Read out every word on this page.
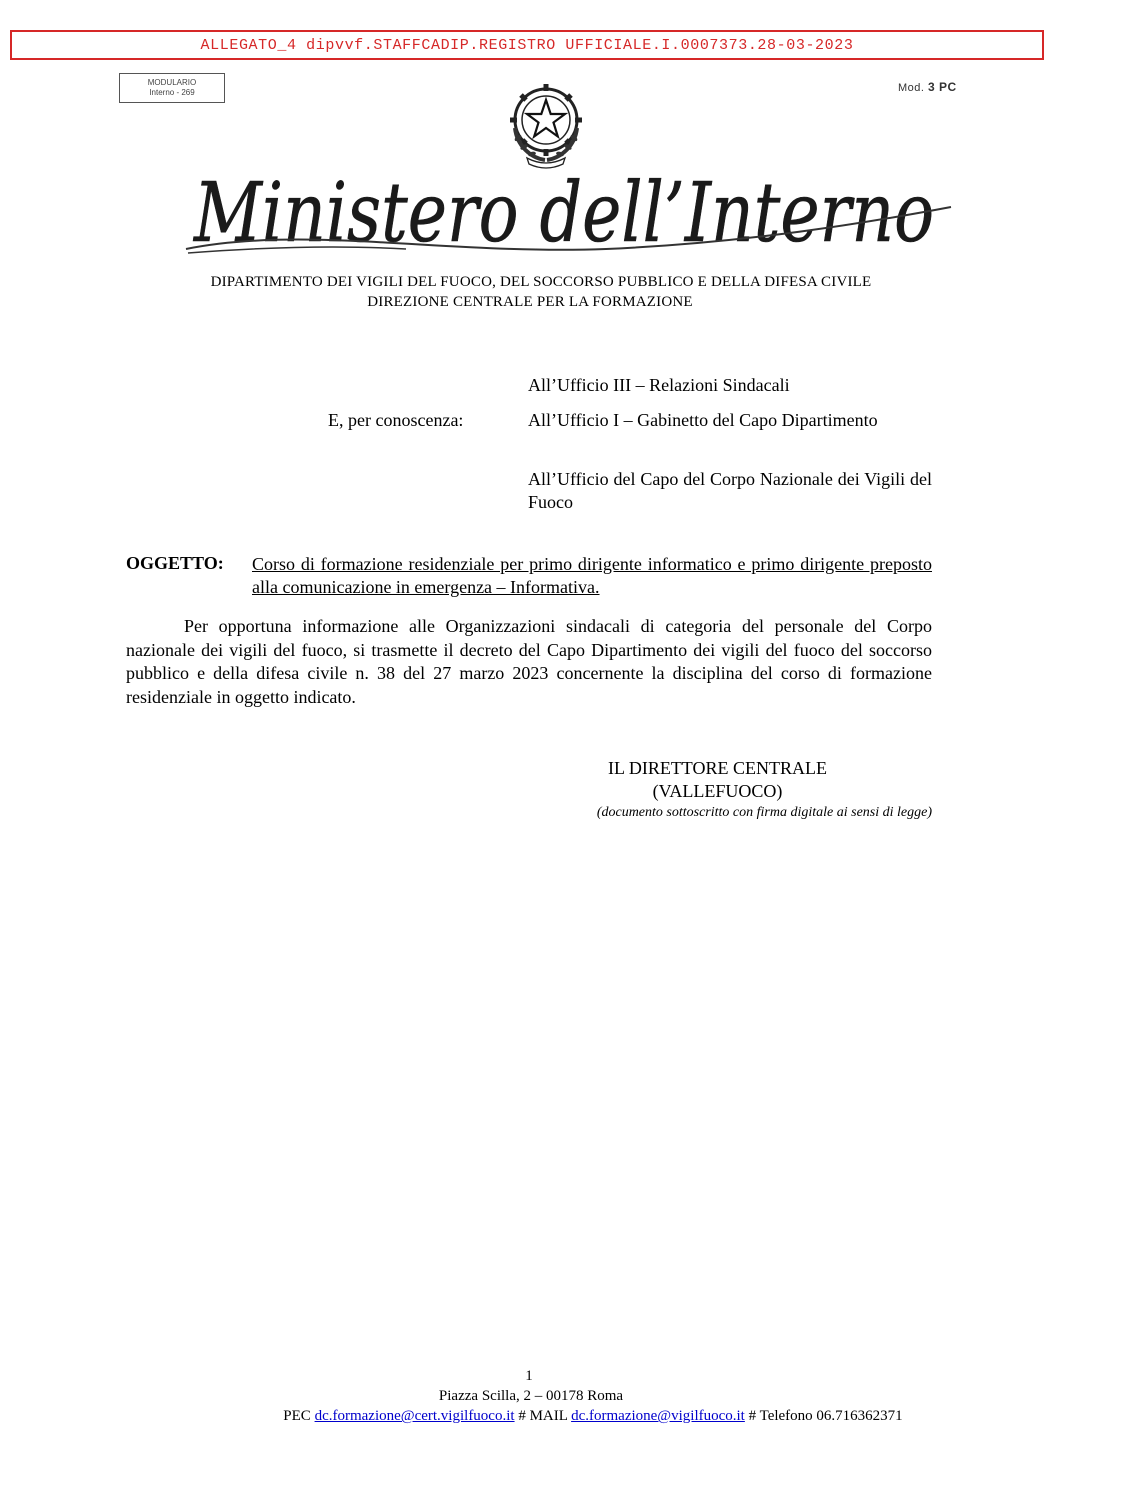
ALLEGATO_4 dipvvf.STAFFCADIP.REGISTRO UFFICIALE.I.0007373.28-03-2023
MODULARIO
Interno - 269	Mod. 3 PC
Ministero dell’Interno
DIPARTIMENTO DEI VIGILI DEL FUOCO, DEL SOCCORSO PUBBLICO E DELLA DIFESA CIVILE
DIREZIONE CENTRALE PER LA FORMAZIONE
All’Ufficio III – Relazioni Sindacali
E, per conoscenza:	All’Ufficio I – Gabinetto del Capo Dipartimento
All’Ufficio del Capo del Corpo Nazionale dei Vigili del Fuoco
OGGETTO: Corso di formazione residenziale per primo dirigente informatico e primo dirigente preposto alla comunicazione in emergenza – Informativa.
Per opportuna informazione alle Organizzazioni sindacali di categoria del personale del Corpo nazionale dei vigili del fuoco, si trasmette il decreto del Capo Dipartimento dei vigili del fuoco del soccorso pubblico e della difesa civile n. 38 del 27 marzo 2023 concernente la disciplina del corso di formazione residenziale in oggetto indicato.
IL DIRETTORE CENTRALE
(VALLEFUOCO)
(documento sottoscritto con firma digitale ai sensi di legge)
1
Piazza Scilla, 2 – 00178 Roma
PEC dc.formazione@cert.vigilfuoco.it # MAIL dc.formazione@vigilfuoco.it # Telefono 06.716362371
